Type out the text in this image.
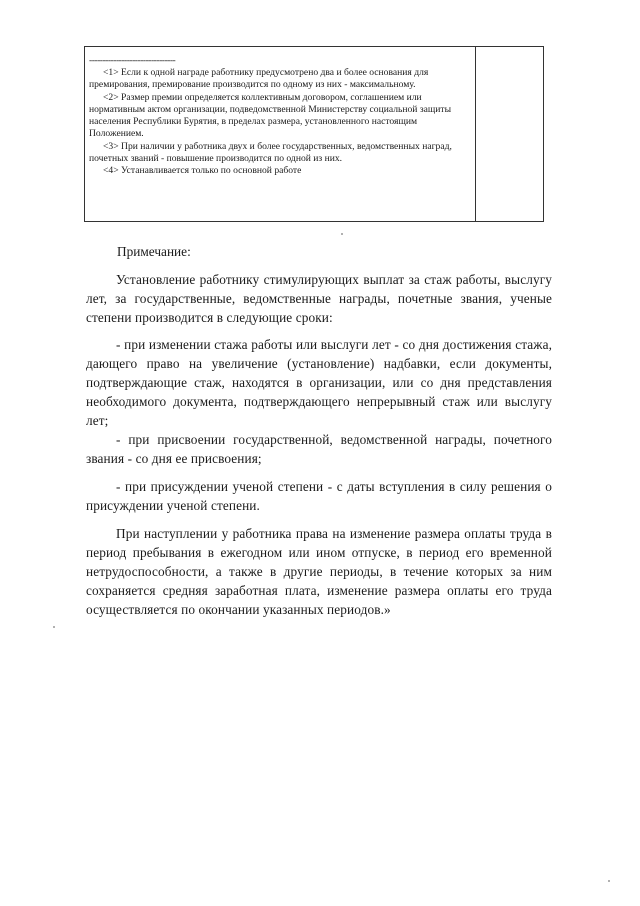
--------------------------------

<1> Если к одной награде работнику предусмотрено два и более основания для премирования, премирование производится по одному из них - максимальному.

<2> Размер премии определяется коллективным договором, соглашением или нормативным актом организации, подведомственной Министерству социальной защиты населения Республики Бурятия, в пределах размера, установленного настоящим Положением.

<3> При наличии у работника двух и более государственных, ведомственных наград, почетных званий - повышение производится по одной из них.

<4> Устанавливается только по основной работе

Примечание:

Установление работнику стимулирующих выплат за стаж работы, выслугу лет, за государственные, ведомственные награды, почетные звания, ученые степени производится в следующие сроки:

- при изменении стажа работы или выслуги лет - со дня достижения стажа, дающего право на увеличение (установление) надбавки, если документы, подтверждающие стаж, находятся в организации, или со дня представления необходимого документа, подтверждающего непрерывный стаж или выслугу лет;

- при присвоении государственной, ведомственной награды, почетного звания - со дня ее присвоения;

- при присуждении ученой степени - с даты вступления в силу решения о присуждении ученой степени.

При наступлении у работника права на изменение размера оплаты труда в период пребывания в ежегодном или ином отпуске, в период его временной нетрудоспособности, а также в другие периоды, в течение которых за ним сохраняется средняя заработная плата, изменение размера оплаты его труда осуществляется по окончании указанных периодов.»
